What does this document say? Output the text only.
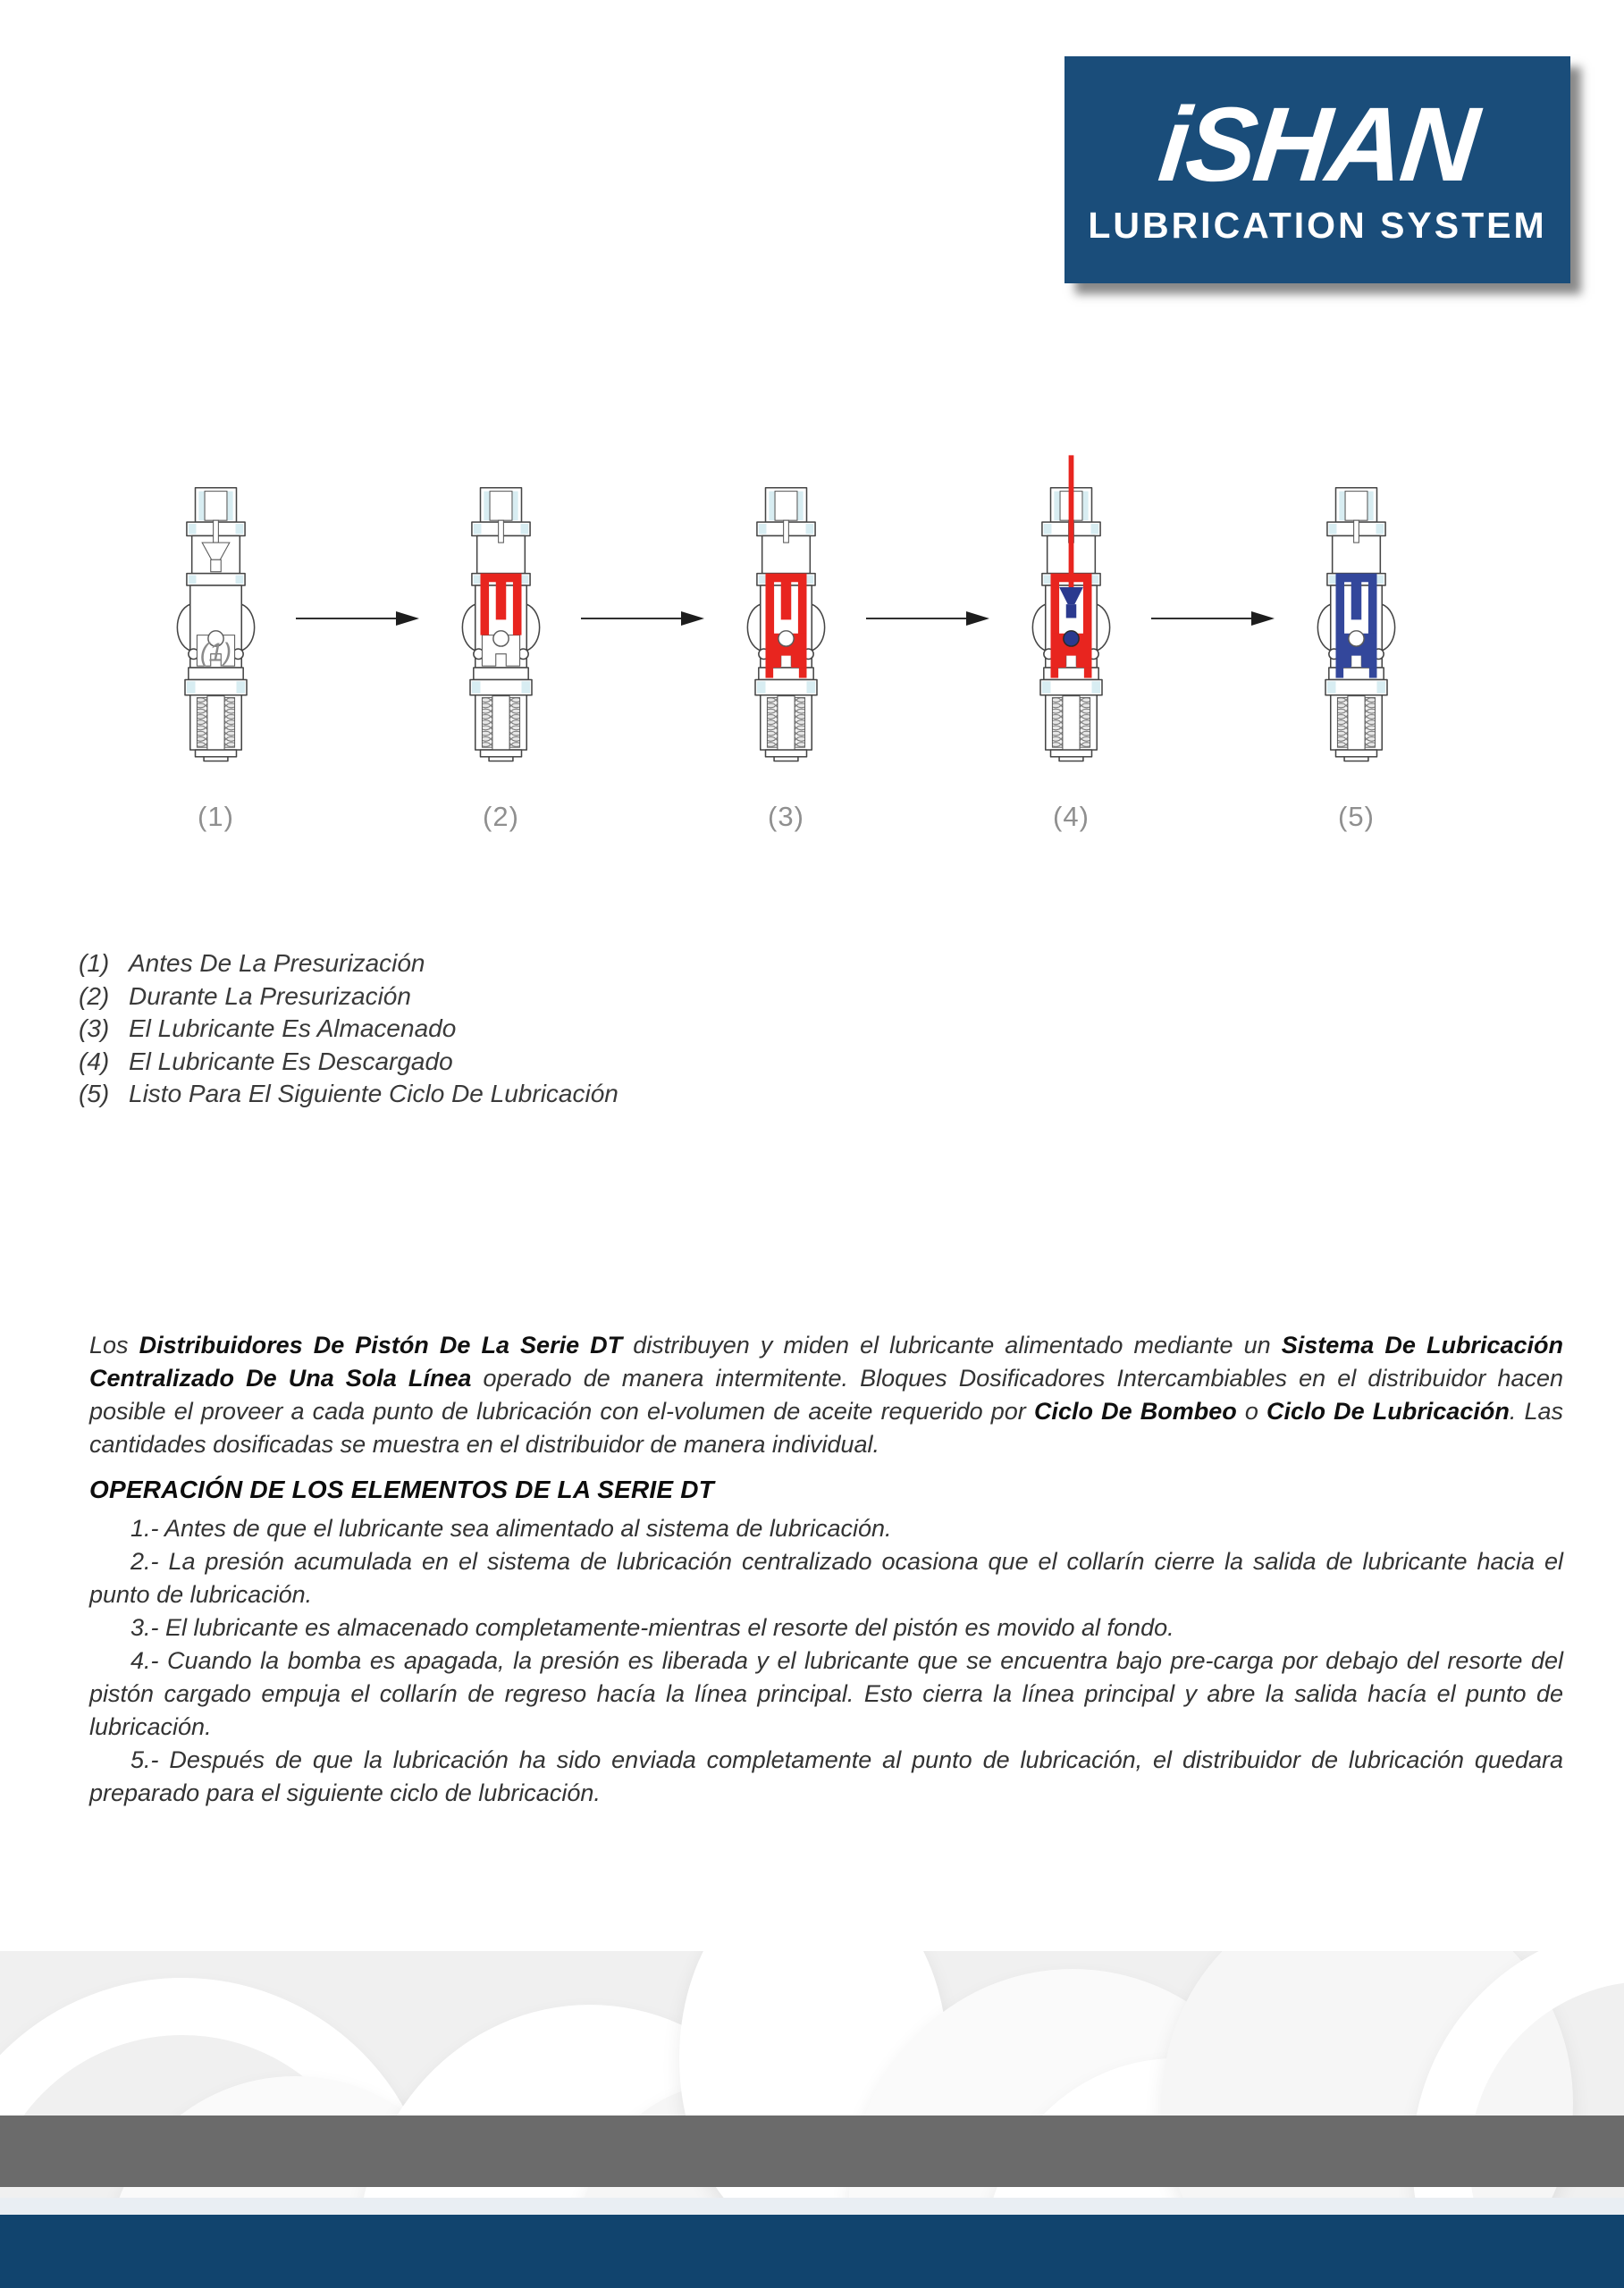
iSHAN
LUBRICATION SYSTEM
(1)
(1)	(2)	(3)	(4)	(5)
(1) Antes De La Presurización
(2) Durante La Presurización
(3) El Lubricante Es Almacenado
(4) El Lubricante Es Descargado
(5) Listo Para El Siguiente Ciclo De Lubricación

Los Distribuidores De Pistón De La Serie DT distribuyen y miden el lubricante alimentado mediante un Sistema De Lubricación Centralizado De Una Sola Línea operado de manera intermitente. Bloques Dosificadores Intercambiables en el distribuidor hacen posible el proveer a cada punto de lubricación con el-volumen de aceite requerido por Ciclo De Bombeo o Ciclo De Lubricación. Las cantidades dosificadas se muestra en el distribuidor de manera individual.

OPERACIÓN DE LOS ELEMENTOS DE LA SERIE DT

1.- Antes de que el lubricante sea alimentado al sistema de lubricación.

2.- La presión acumulada en el sistema de lubricación centralizado ocasiona que el collarín cierre la salida de lubricante hacia el punto de lubricación.

3.- El lubricante es almacenado completamente-mientras el resorte del pistón es movido al fondo.

4.- Cuando la bomba es apagada, la presión es liberada y el lubricante que se encuentra bajo pre-carga por debajo del resorte del pistón cargado empuja el collarín de regreso hacía la línea principal. Esto cierra la línea principal y abre la salida hacía el punto de lubricación.

5.- Después de que la lubricación ha sido enviada completamente al punto de lubricación, el distribuidor de lubricación quedara preparado para el siguiente ciclo de lubricación.
